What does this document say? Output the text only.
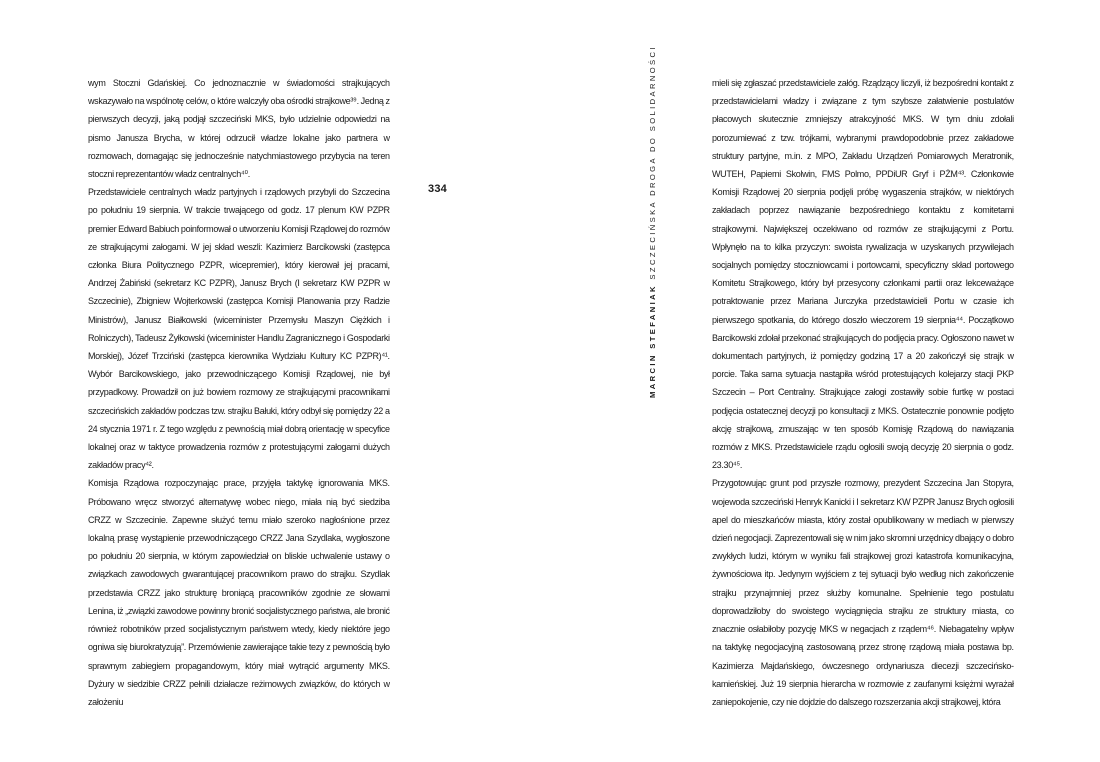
wym Stoczni Gdańskiej. Co jednoznacznie w świadomości strajkujących wskazywało na wspólnotę celów, o które walczyły oba ośrodki strajkowe³⁹. Jedną z pierwszych decyzji, jaką podjął szczeciński MKS, było udzielnie odpowiedzi na pismo Janusza Brycha, w której odrzucił władze lokalne jako partnera w rozmowach, domagając się jednocześnie natychmiastowego przybycia na teren stoczni reprezentantów władz centralnych⁴⁰.

Przedstawiciele centralnych władz partyjnych i rządowych przybyli do Szczecina po południu 19 sierpnia. W trakcie trwającego od godz. 17 plenum KW PZPR premier Edward Babiuch poinformował o utworzeniu Komisji Rządowej do rozmów ze strajkującymi załogami. W jej skład weszli: Kazimierz Barcikowski (zastępca członka Biura Politycznego PZPR, wicepremier), który kierował jej pracami, Andrzej Żabiński (sekretarz KC PZPR), Janusz Brych (I sekretarz KW PZPR w Szczecinie), Zbigniew Wojterkowski (zastępca Komisji Planowania przy Radzie Ministrów), Janusz Białkowski (wiceminister Przemysłu Maszyn Ciężkich i Rolniczych), Tadeusz Żyłkowski (wiceminister Handlu Zagranicznego i Gospodarki Morskiej), Józef Trzciński (zastępca kierownika Wydziału Kultury KC PZPR)⁴¹. Wybór Barcikowskiego, jako przewodniczącego Komisji Rządowej, nie był przypadkowy. Prowadził on już bowiem rozmowy ze strajkującymi pracownikami szczecińskich zakładów podczas tzw. strajku Bałuki, który odbył się pomiędzy 22 a 24 stycznia 1971 r. Z tego względu z pewnością miał dobrą orientację w specyfice lokalnej oraz w taktyce prowadzenia rozmów z protestującymi załogami dużych zakładów pracy⁴².

Komisja Rządowa rozpoczynając prace, przyjęła taktykę ignorowania MKS. Próbowano wręcz stworzyć alternatywę wobec niego, miała nią być siedziba CRZZ w Szczecinie. Zapewne służyć temu miało szeroko nagłośnione przez lokalną prasę wystąpienie przewodniczącego CRZZ Jana Szydlaka, wygłoszone po południu 20 sierpnia, w którym zapowiedział on bliskie uchwalenie ustawy o związkach zawodowych gwarantującej pracownikom prawo do strajku. Szydlak przedstawia CRZZ jako strukturę broniącą pracowników zgodnie ze słowami Lenina, iż „związki zawodowe powinny bronić socjalistycznego państwa, ale bronić również robotników przed socjalistycznym państwem wtedy, kiedy niektóre jego ogniwa się biurokratyzują”. Przemówienie zawierające takie tezy z pewnością było sprawnym zabiegiem propagandowym, który miał wytrącić argumenty MKS. Dyżury w siedzibie CRZZ pełnili działacze reżimowych związków, do których w założeniu

334
MARCIN STEFANIAK SZCZECIŃSKA DROGA DO SOLIDARNOŚCI	mieli się zgłaszać przedstawiciele załóg. Rządzący liczyli, iż bezpośredni kontakt z przedstawicielami władzy i związane z tym szybsze załatwienie postulatów płacowych skutecznie zmniejszy atrakcyjność MKS. W tym dniu zdołali porozumiewać z tzw. trójkami, wybranymi prawdopodobnie przez zakładowe struktury partyjne, m.in. z MPO, Zakładu Urządzeń Pomiarowych Meratronik, WUTEH, Papierni Skolwin, FMS Polmo, PPDiUR Gryf i PŻM⁴³. Członkowie Komisji Rządowej 20 sierpnia podjęli próbę wygaszenia strajków, w niektórych zakładach poprzez nawiązanie bezpośredniego kontaktu z komitetami strajkowymi. Największej oczekiwano od rozmów ze strajkującymi z Portu. Wpłynęło na to kilka przyczyn: swoista rywalizacja w uzyskanych przywilejach socjalnych pomiędzy stoczniowcami i portowcami, specyficzny skład portowego Komitetu Strajkowego, który był przesycony członkami partii oraz lekceważące potraktowanie przez Mariana Jurczyka przedstawicieli Portu w czasie ich pierwszego spotkania, do którego doszło wieczorem 19 sierpnia⁴⁴. Początkowo Barcikowski zdołał przekonać strajkujących do podjęcia pracy. Ogłoszono nawet w dokumentach partyjnych, iż pomiędzy godziną 17 a 20 zakończył się strajk w porcie. Taka sama sytuacja nastąpiła wśród protestujących kolejarzy stacji PKP Szczecin – Port Centralny. Strajkujące załogi zostawiły sobie furtkę w postaci podjęcia ostatecznej decyzji po konsultacji z MKS. Ostatecznie ponownie podjęto akcję strajkową, zmuszając w ten sposób Komisję Rządową do nawiązania rozmów z MKS. Przedstawiciele rządu ogłosili swoją decyzję 20 sierpnia o godz. 23.30⁴⁵.

Przygotowując grunt pod przyszłe rozmowy, prezydent Szczecina Jan Stopyra, wojewoda szczeciński Henryk Kanicki i I sekretarz KW PZPR Janusz Brych ogłosili apel do mieszkańców miasta, który został opublikowany w mediach w pierwszy dzień negocjacji. Zaprezentowali się w nim jako skromni urzędnicy dbający o dobro zwykłych ludzi, którym w wyniku fali strajkowej grozi katastrofa komunikacyjna, żywnościowa itp. Jedynym wyjściem z tej sytuacji było według nich zakończenie strajku przynajmniej przez służby komunalne. Spełnienie tego postulatu doprowadziłoby do swoistego wyciągnięcia strajku ze struktury miasta, co znacznie osłabiłoby pozycję MKS w negacjach z rządem⁴⁶. Niebagatelny wpływ na taktykę negocjacyjną zastosowaną przez stronę rządową miała postawa bp. Kazimierza Majdańskiego, ówczesnego ordynariusza diecezji szczecińsko-kamieńskiej. Już 19 sierpnia hierarcha w rozmowie z zaufanymi księżmi wyrażał zaniepokojenie, czy nie dojdzie do dalszego rozszerzania akcji strajkowej, która
